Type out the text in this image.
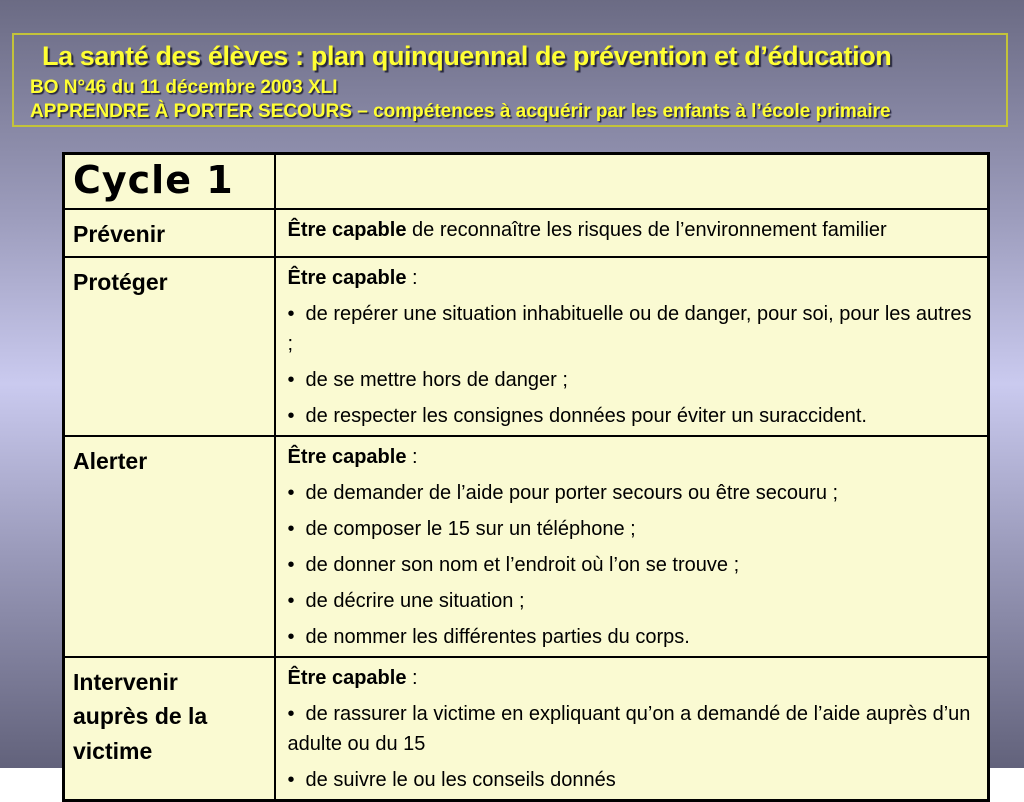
La santé des élèves : plan quinquennal de prévention et d’éducation
BO N°46 du 11 décembre 2003 XLI
APPRENDRE À PORTER SECOURS – compétences à acquérir par les enfants à l’école primaire
Cycle 1	
Prévenir	Être capable de reconnaître les risques de l’environnement familier

Protéger	Être capable :

• de repérer une situation inhabituelle ou de danger, pour soi, pour les autres ;

• de se mettre hors de danger ;

• de respecter les consignes données pour éviter un suraccident.

Alerter	Être capable :

• de demander de l’aide pour porter secours ou être secouru ;

• de composer le 15 sur un téléphone ;

• de donner son nom et l’endroit où l’on se trouve ;

• de décrire une situation ;

• de nommer les différentes parties du corps.

Intervenir auprès de la victime	Être capable :

• de rassurer la victime en expliquant qu’on a demandé de l’aide auprès d’un adulte ou du 15

• de suivre le ou les conseils donnés
